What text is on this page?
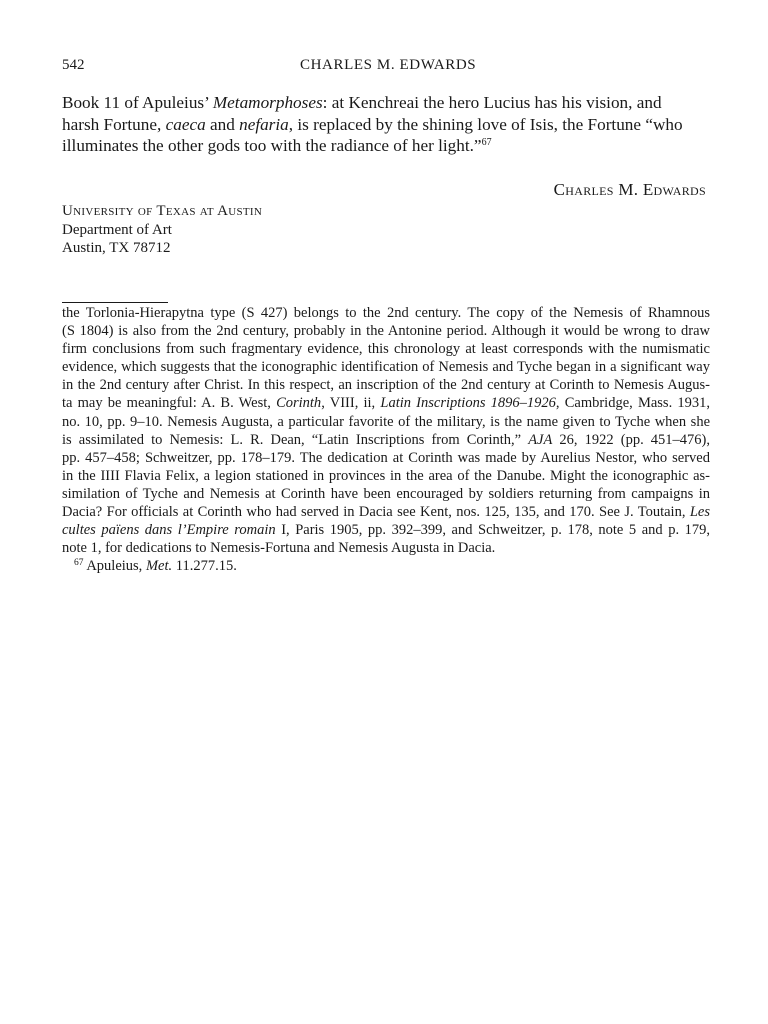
542	CHARLES M. EDWARDS

Book 11 of Apuleius’ Metamorphoses: at Kenchreai the hero Lucius has his vision, and

harsh Fortune, caeca and nefaria, is replaced by the shining love of Isis, the Fortune “who

illuminates the other gods too with the radiance of her light.”$^{67}$

Charles M. Edwards
University of Texas at Austin
Department of Art
Austin, TX 78712
the Torlonia-Hierapytna type (S 427) belongs to the 2nd century. The copy of the Nemesis of Rhamnous
(S 1804) is also from the 2nd century, probably in the Antonine period. Although it would be wrong to draw
firm conclusions from such fragmentary evidence, this chronology at least corresponds with the numismatic
evidence, which suggests that the iconographic identification of Nemesis and Tyche began in a significant way
in the 2nd century after Christ. In this respect, an inscription of the 2nd century at Corinth to Nemesis Augus-
ta may be meaningful: A. B. West, Corinth, VIII, ii, Latin Inscriptions 1896–1926, Cambridge, Mass. 1931,
no. 10, pp. 9–10. Nemesis Augusta, a particular favorite of the military, is the name given to Tyche when she
is assimilated to Nemesis: L. R. Dean, “Latin Inscriptions from Corinth,” AJA 26, 1922 (pp. 451–476),
pp. 457–458; Schweitzer, pp. 178–179. The dedication at Corinth was made by Aurelius Nestor, who served
in the IIII Flavia Felix, a legion stationed in provinces in the area of the Danube. Might the iconographic as-
similation of Tyche and Nemesis at Corinth have been encouraged by soldiers returning from campaigns in
Dacia? For officials at Corinth who had served in Dacia see Kent, nos. 125, 135, and 170. See J. Toutain, Les
cultes païens dans l’Empire romain I, Paris 1905, pp. 392–399, and Schweitzer, p. 178, note 5 and p. 179,
note 1, for dedications to Nemesis-Fortuna and Nemesis Augusta in Dacia.
$^{67}$ Apuleius, Met. 11.277.15.
